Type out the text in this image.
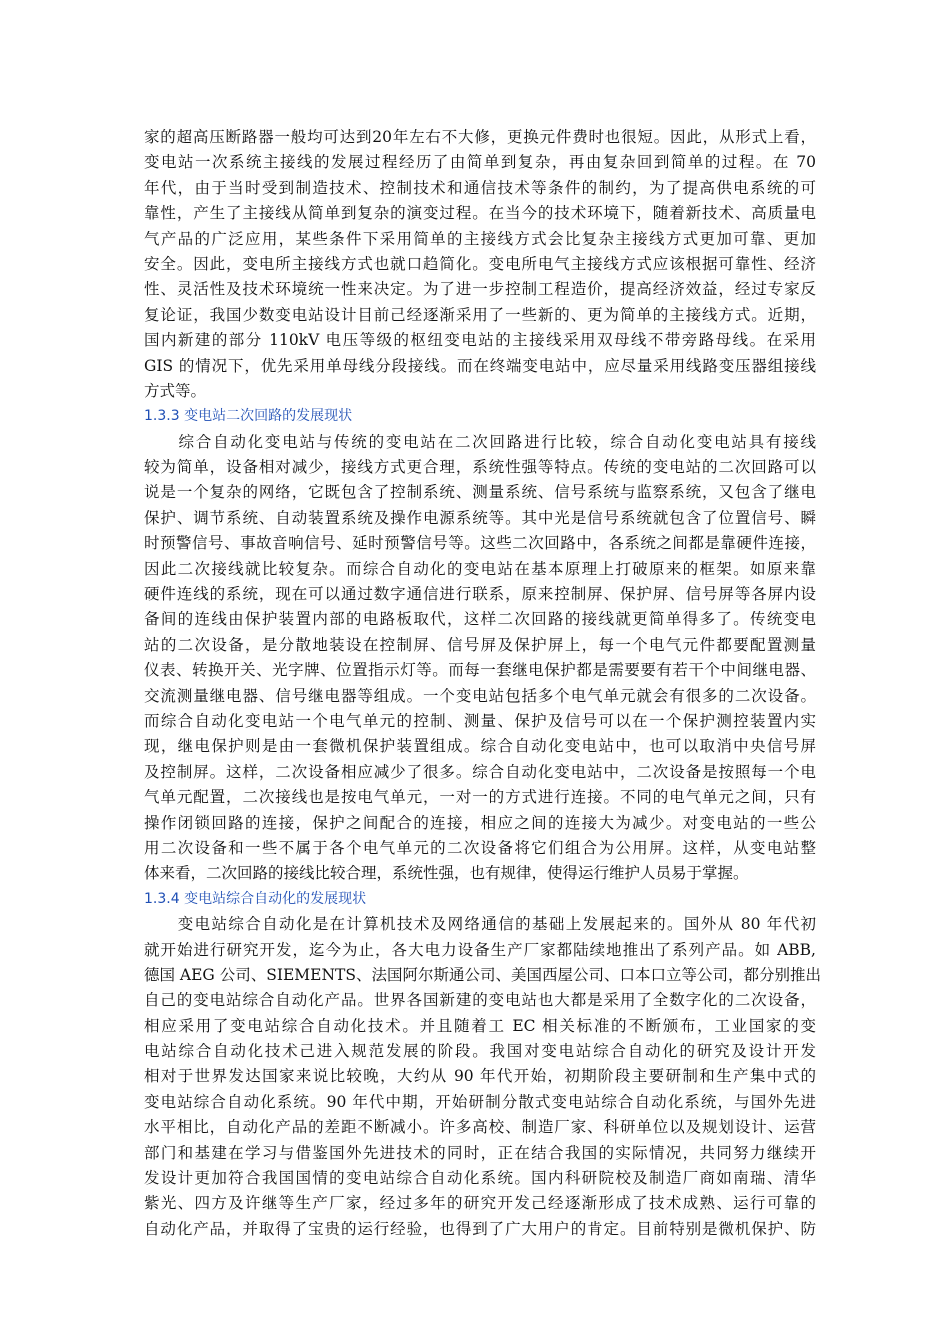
家的超高压断路器一般均可达到20年左右不大修，更换元件费时也很短。因此，从形式上看，
变电站一次系统主接线的发展过程经历了由简单到复杂，再由复杂回到简单的过程。在 70
年代，由于当时受到制造技术、控制技术和通信技术等条件的制约，为了提高供电系统的可
靠性，产生了主接线从简单到复杂的演变过程。在当今的技术环境下，随着新技术、高质量电
气产品的广泛应用，某些条件下采用简单的主接线方式会比复杂主接线方式更加可靠、更加
安全。因此，变电所主接线方式也就口趋简化。变电所电气主接线方式应该根据可靠性、经济
性、灵活性及技术环境统一性来决定。为了进一步控制工程造价，提高经济效益，经过专家反
复论证，我国少数变电站设计目前己经逐渐采用了一些新的、更为简单的主接线方式。近期，
国内新建的部分 110kV 电压等级的枢纽变电站的主接线采用双母线不带旁路母线。在采用
GIS 的情况下，优先采用单母线分段接线。而在终端变电站中，应尽量采用线路变压器组接线
方式等。
1.3.3 变电站二次回路的发展现状
　　综合自动化变电站与传统的变电站在二次回路进行比较，综合自动化变电站具有接线
较为简单，设备相对减少，接线方式更合理，系统性强等特点。传统的变电站的二次回路可以
说是一个复杂的网络，它既包含了控制系统、测量系统、信号系统与监察系统，又包含了继电
保护、调节系统、自动装置系统及操作电源系统等。其中光是信号系统就包含了位置信号、瞬
时预警信号、事故音响信号、延时预警信号等。这些二次回路中，各系统之间都是靠硬件连接，
因此二次接线就比较复杂。而综合自动化的变电站在基本原理上打破原来的框架。如原来靠
硬件连线的系统，现在可以通过数字通信进行联系，原来控制屏、保护屏、信号屏等各屏内设
备间的连线由保护装置内部的电路板取代，这样二次回路的接线就更简单得多了。传统变电
站的二次设备，是分散地装设在控制屏、信号屏及保护屏上，每一个电气元件都要配置测量
仪表、转换开关、光字牌、位置指示灯等。而每一套继电保护都是需要要有若干个中间继电器、
交流测量继电器、信号继电器等组成。一个变电站包括多个电气单元就会有很多的二次设备。
而综合自动化变电站一个电气单元的控制、测量、保护及信号可以在一个保护测控装置内实
现，继电保护则是由一套微机保护装置组成。综合自动化变电站中，也可以取消中央信号屏
及控制屏。这样，二次设备相应减少了很多。综合自动化变电站中，二次设备是按照每一个电
气单元配置，二次接线也是按电气单元，一对一的方式进行连接。不同的电气单元之间，只有
操作闭锁回路的连接，保护之间配合的连接，相应之间的连接大为减少。对变电站的一些公
用二次设备和一些不属于各个电气单元的二次设备将它们组合为公用屏。这样，从变电站整
体来看，二次回路的接线比较合理，系统性强，也有规律，使得运行维护人员易于掌握。
1.3.4 变电站综合自动化的发展现状
　　变电站综合自动化是在计算机技术及网络通信的基础上发展起来的。国外从 80 年代初
就开始进行研究开发，迄今为止，各大电力设备生产厂家都陆续地推出了系列产品。如 ABB,
德国 AEG 公司、SIEMENTS、法国阿尔斯通公司、美国西屋公司、口本口立等公司，都分别推出
自己的变电站综合自动化产品。世界各国新建的变电站也大都是采用了全数字化的二次设备，
相应采用了变电站综合自动化技术。并且随着工 EC 相关标准的不断颁布，工业国家的变
电站综合自动化技术己进入规范发展的阶段。我国对变电站综合自动化的研究及设计开发
相对于世界发达国家来说比较晚，大约从 90 年代开始，初期阶段主要研制和生产集中式的
变电站综合自动化系统。90 年代中期，开始研制分散式变电站综合自动化系统，与国外先进
水平相比，自动化产品的差距不断减小。许多高校、制造厂家、科研单位以及规划设计、运营
部门和基建在学习与借鉴国外先进技术的同时，正在结合我国的实际情况，共同努力继续开
发设计更加符合我国国情的变电站综合自动化系统。国内科研院校及制造厂商如南瑞、清华
紫光、四方及许继等生产厂家，经过多年的研究开发己经逐渐形成了技术成熟、运行可靠的
自动化产品，并取得了宝贵的运行经验，也得到了广大用户的肯定。目前特别是微机保护、防
